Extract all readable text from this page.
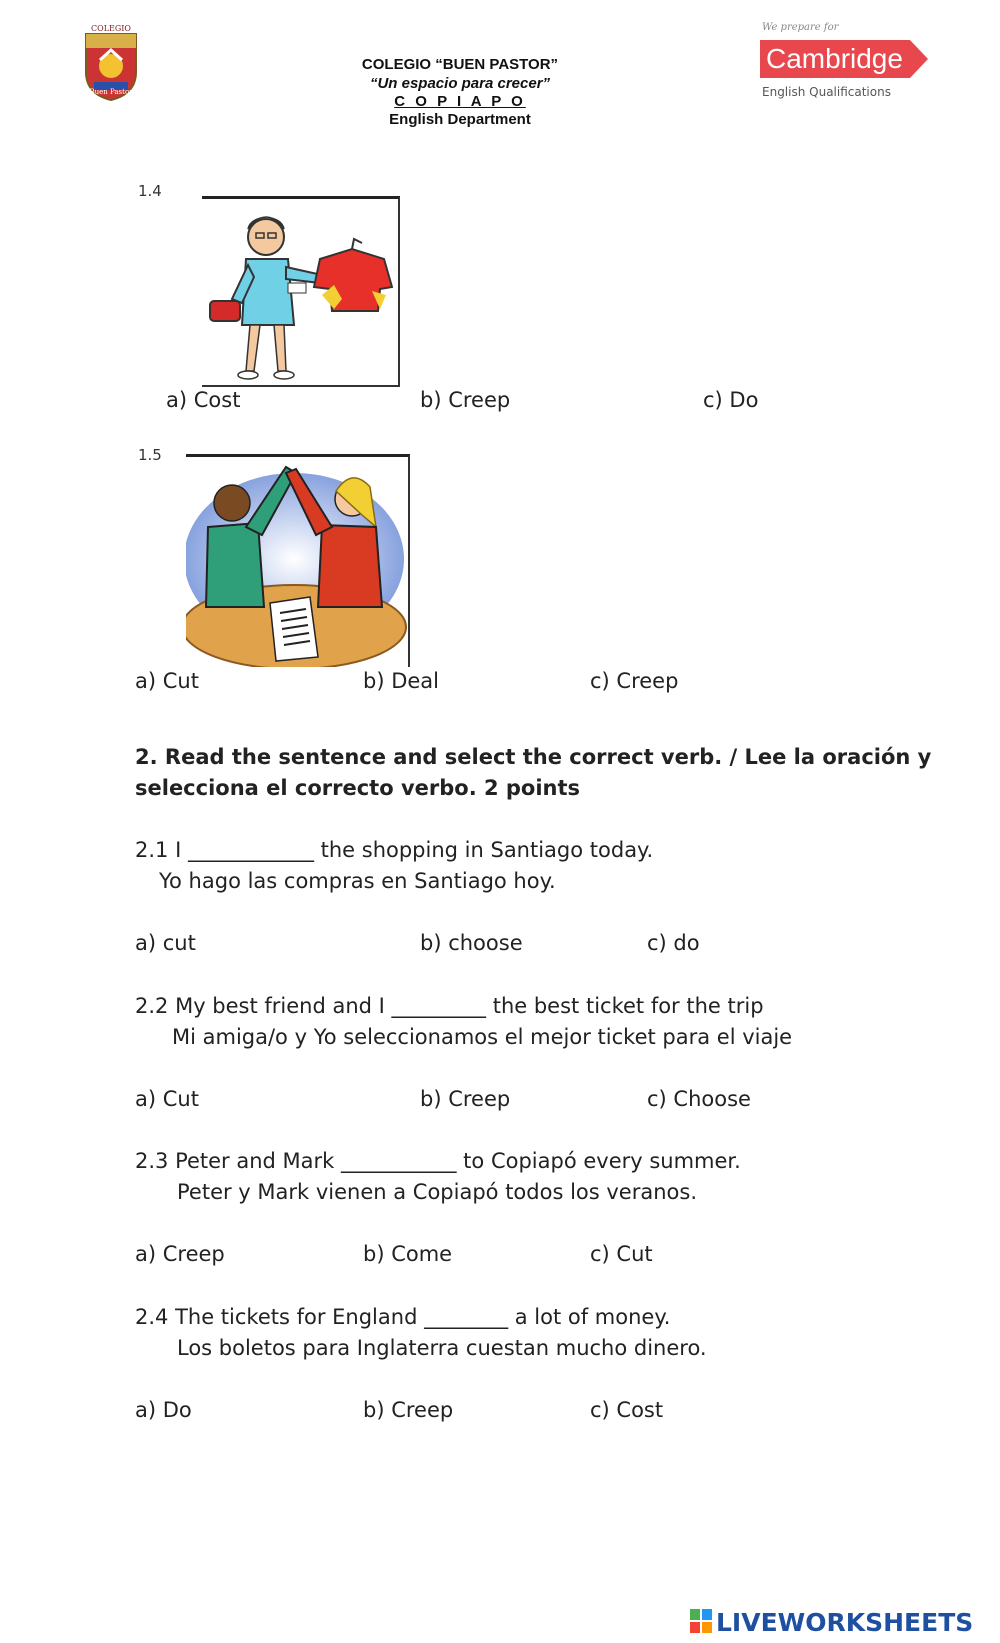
COLEGIO
Buen Pastor
COLEGIO “BUEN PASTOR”
“Un espacio para crecer”
C O P I A P O
English Department
We prepare for
Cambridge
English Qualifications
1.4
a) Cost	b) Creep	c) Do
1.5
a) Cut	b) Deal	c) Creep
2. Read the sentence and select the correct verb. / Lee la oración y
selecciona el correcto verbo. 2 points
2.1 I ____________ the shopping in Santiago today.
Yo hago las compras en Santiago hoy.
a) cut	b) choose	c) do
2.2 My best friend and I _________ the best ticket for the trip
Mi amiga/o y Yo seleccionamos el mejor ticket para el viaje
a) Cut	b) Creep	c) Choose
2.3 Peter and Mark ___________ to Copiapó every summer.
Peter y Mark vienen a Copiapó todos los veranos.
a) Creep	b) Come	c) Cut
2.4 The tickets for England ________ a lot of money.
Los boletos para Inglaterra cuestan mucho dinero.
a) Do	b) Creep	c) Cost
LIVEWORKSHEETS
